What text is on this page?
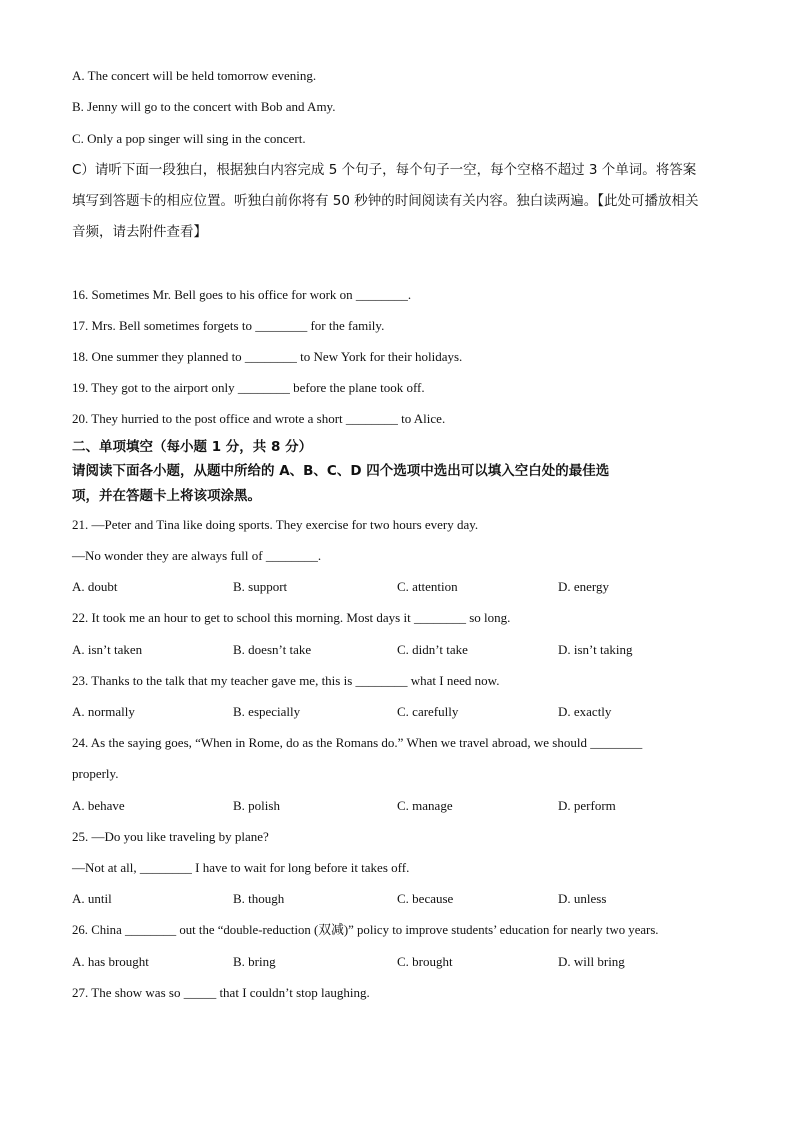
A. The concert will be held tomorrow evening.
B. Jenny will go to the concert with Bob and Amy.
C. Only a pop singer will sing in the concert.
C）请听下面一段独白，根据独白内容完成 5 个句子，每个句子一空，每个空格不超过 3 个单词。将答案
填写到答题卡的相应位置。听独白前你将有 50 秒钟的时间阅读有关内容。独白读两遍。【此处可播放相关
音频，请去附件查看】
16. Sometimes Mr. Bell goes to his office for work on ________.
17. Mrs. Bell sometimes forgets to ________ for the family.
18. One summer they planned to ________ to New York for their holidays.
19. They got to the airport only ________ before the plane took off.
20. They hurried to the post office and wrote a short ________ to Alice.
二、单项填空（每小题 1 分，共 8 分）
请阅读下面各小题，从题中所给的 A、B、C、D 四个选项中选出可以填入空白处的最佳选
项，并在答题卡上将该项涂黑。
21. —Peter and Tina like doing sports. They exercise for two hours every day.
—No wonder they are always full of ________.
A. doubt	B. support	C. attention	D. energy
22. It took me an hour to get to school this morning. Most days it ________ so long.
A. isn’t taken	B. doesn’t take	C. didn’t take	D. isn’t taking
23. Thanks to the talk that my teacher gave me, this is ________ what I need now.
A. normally	B. especially	C. carefully	D. exactly
24. As the saying goes, “When in Rome, do as the Romans do.” When we travel abroad, we should ________
properly.
A. behave	B. polish	C. manage	D. perform
25. —Do you like traveling by plane?
—Not at all, ________ I have to wait for long before it takes off.
A. until	B. though	C. because	D. unless
26. China ________ out the “double-reduction (双减)” policy to improve students’ education for nearly two years.
A. has brought	B. bring	C. brought	D. will bring
27. The show was so _____ that I couldn’t stop laughing.
